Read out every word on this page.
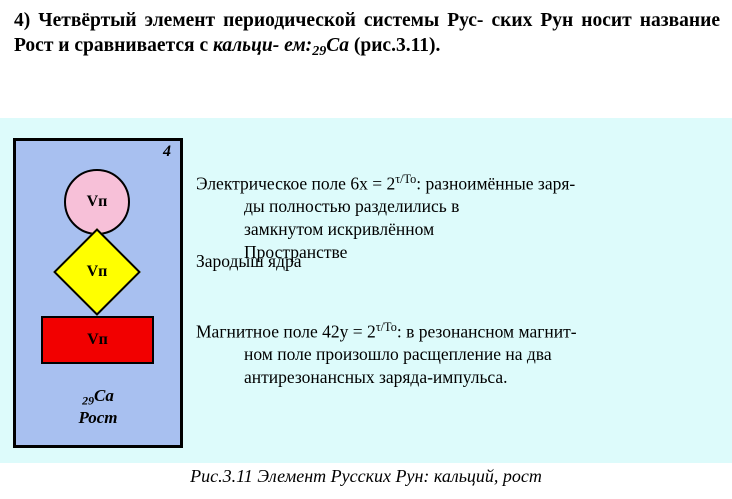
4) Четвёртый элемент периодической системы Рус- ских Рун носит название Рост и сравнивается с кальци- $ем:_{29}Ca$ (рис.3.11).
4
Vп
Vп
Vп
$_{29}$Ca
Рост
Электрическое поле $6х = 2^{\tau/To}$: разноимённые заря-
ды полностью разделились в
замкнутом искривлённом
Пространстве
Зародыш ядра
Магнитное поле $42у = 2^{\tau/To}$: в резонансном магнит-
ном поле произошло расщепление на два
антирезонансных заряда-импульса.
Рис.3.11 Элемент Русских Рун: кальций, рост
